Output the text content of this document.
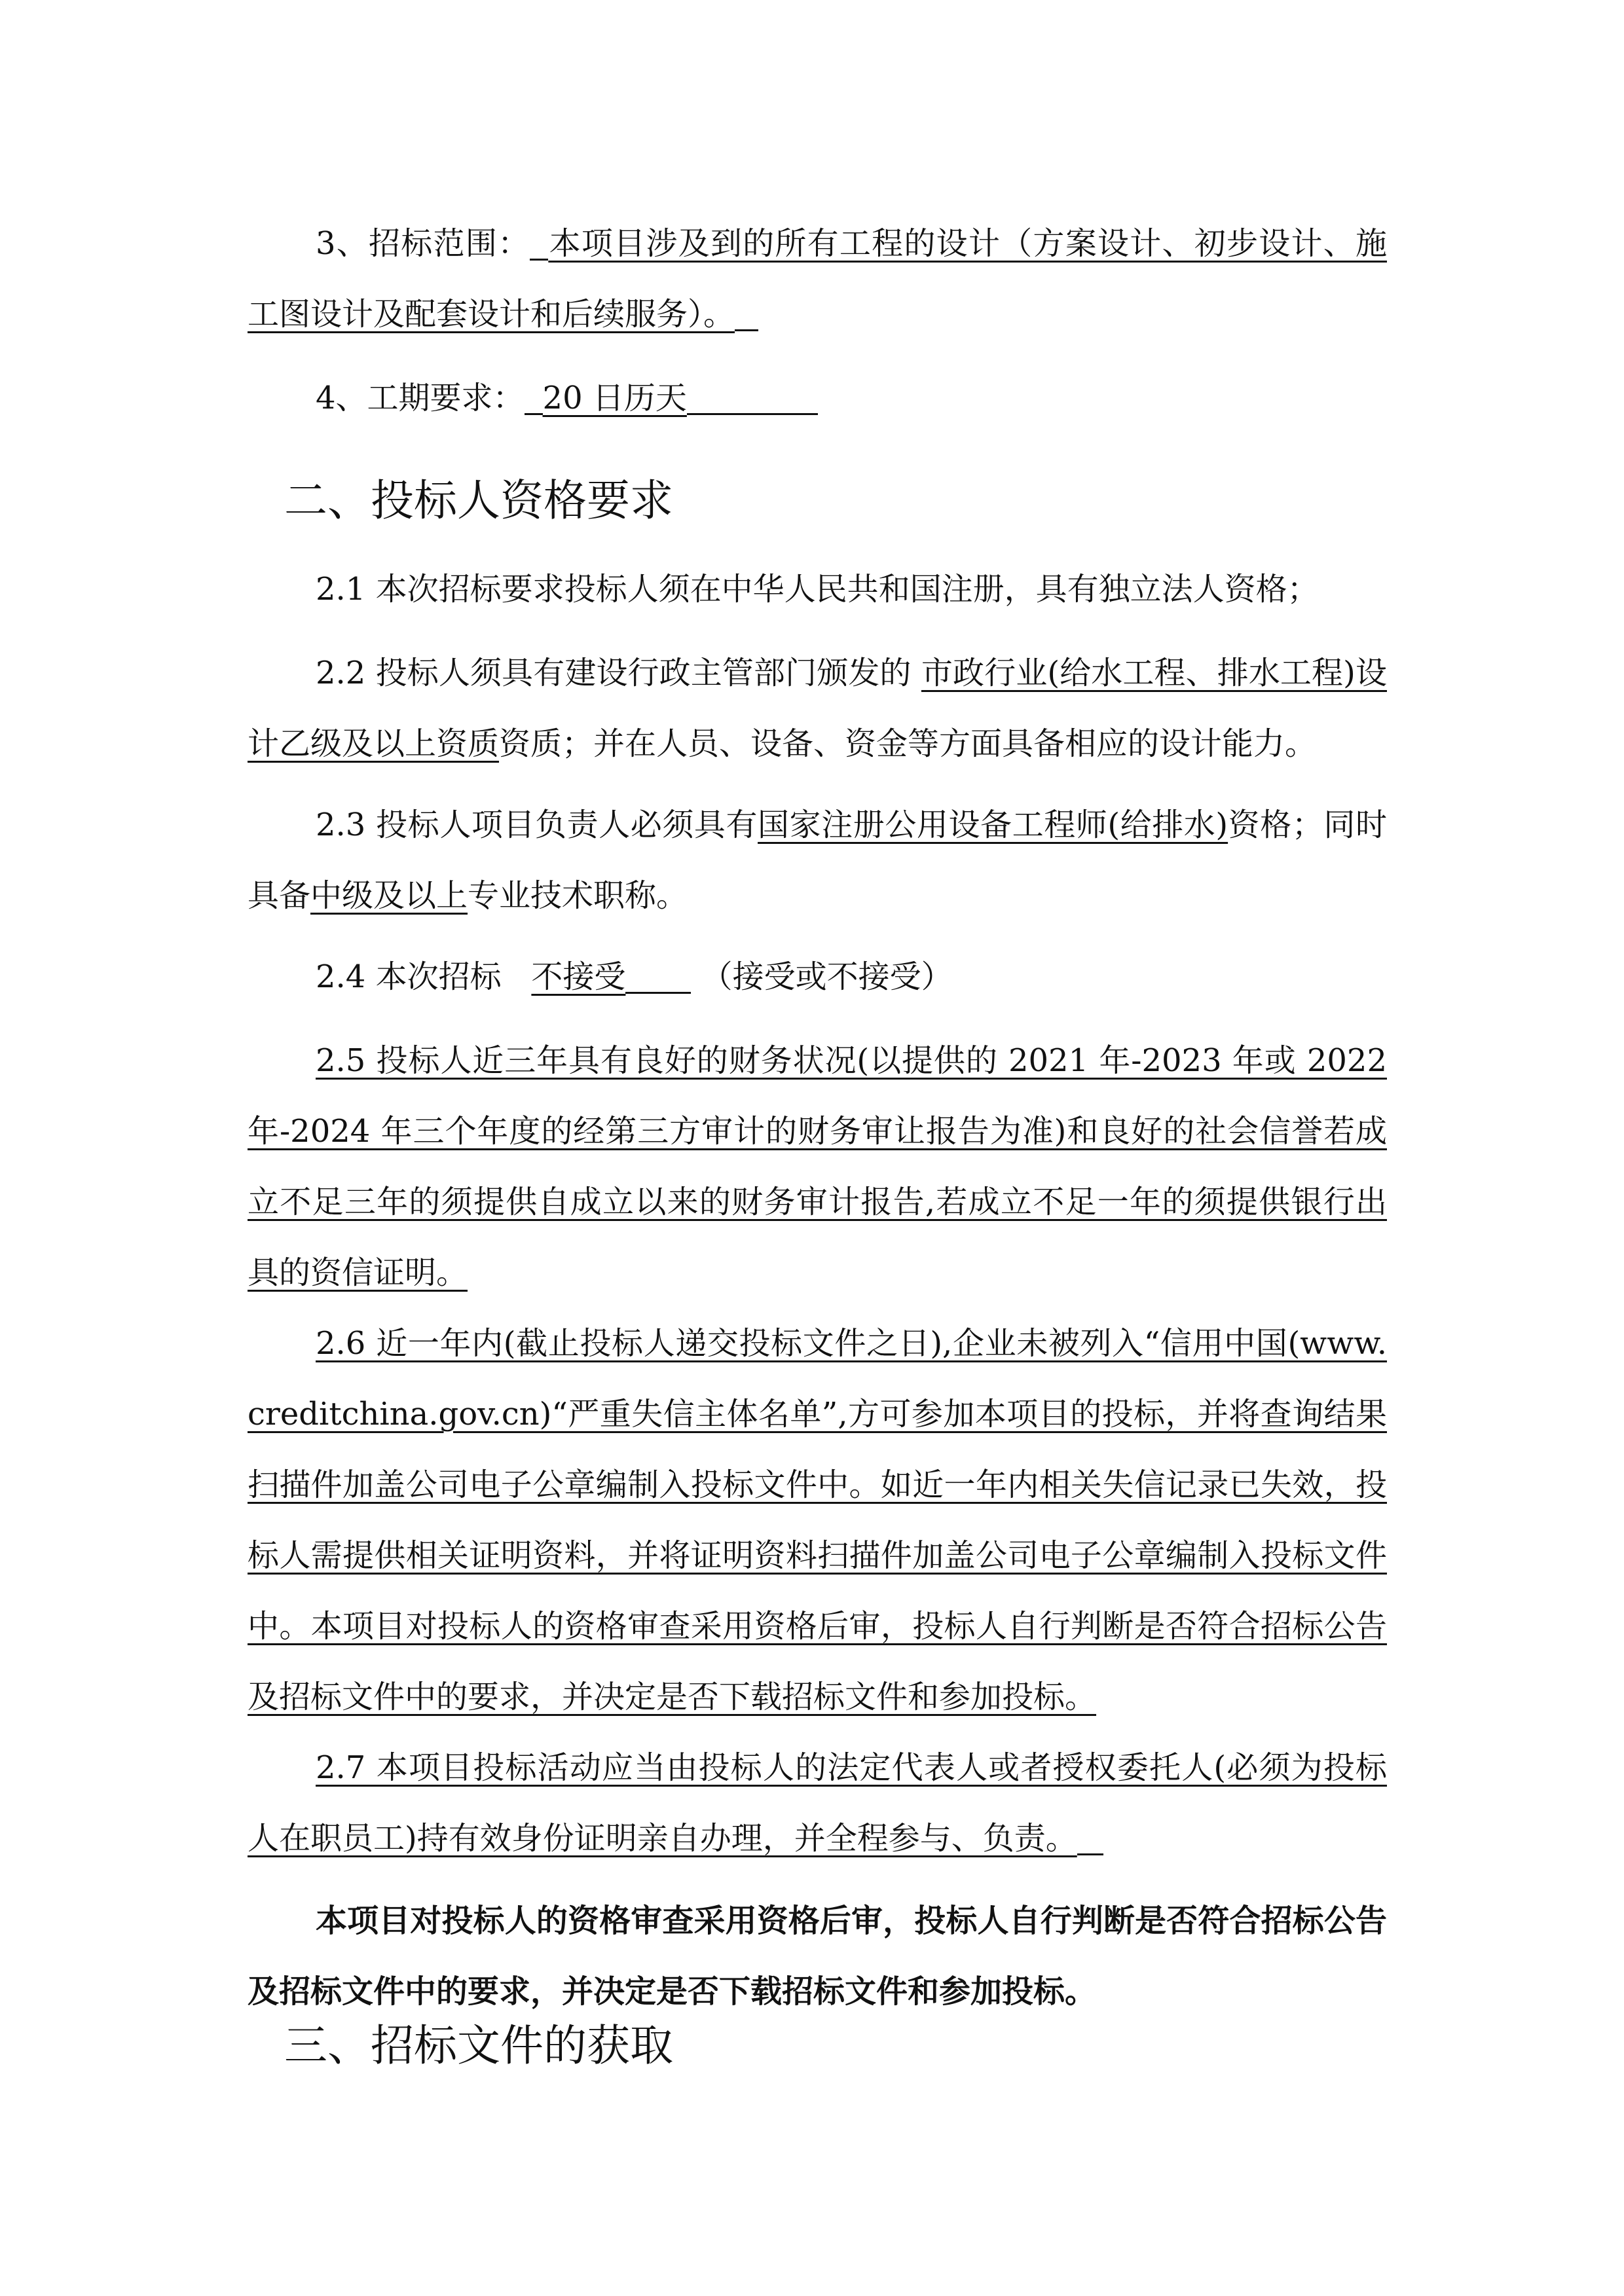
3、招标范围： 本项目涉及到的所有工程的设计（方案设计、初步设计、施工图设计及配套设计和后续服务）。

4、工期要求： 20 日历天

二、投标人资格要求

2.1 本次招标要求投标人须在中华人民共和国注册，具有独立法人资格；

2.2 投标人须具有建设行政主管部门颁发的 市政行业(给水工程、排水工程)设计乙级及以上资质资质；并在人员、设备、资金等方面具备相应的设计能力。

2.3 投标人项目负责人必须具有国家注册公用设备工程师(给排水)资格；同时具备中级及以上专业技术职称。

2.4 本次招标 不接受 （接受或不接受）

2.5 投标人近三年具有良好的财务状况(以提供的 2021 年-2023 年或 2022 年-2024 年三个年度的经第三方审计的财务审让报告为准)和良好的社会信誉若成立不足三年的须提供自成立以来的财务审计报告,若成立不足一年的须提供银行出具的资信证明。

2.6 近一年内(截止投标人递交投标文件之日),企业未被列入“信用中国(www.creditchina.gov.cn)“严重失信主体名单”,方可参加本项目的投标，并将查询结果扫描件加盖公司电子公章编制入投标文件中。如近一年内相关失信记录已失效，投标人需提供相关证明资料，并将证明资料扫描件加盖公司电子公章编制入投标文件中。本项目对投标人的资格审查采用资格后审，投标人自行判断是否符合招标公告及招标文件中的要求，并决定是否下载招标文件和参加投标。

2.7 本项目投标活动应当由投标人的法定代表人或者授权委托人(必须为投标人在职员工)持有效身份证明亲自办理，并全程参与、负责。

本项目对投标人的资格审查采用资格后审，投标人自行判断是否符合招标公告及招标文件中的要求，并决定是否下载招标文件和参加投标。

三、招标文件的获取
